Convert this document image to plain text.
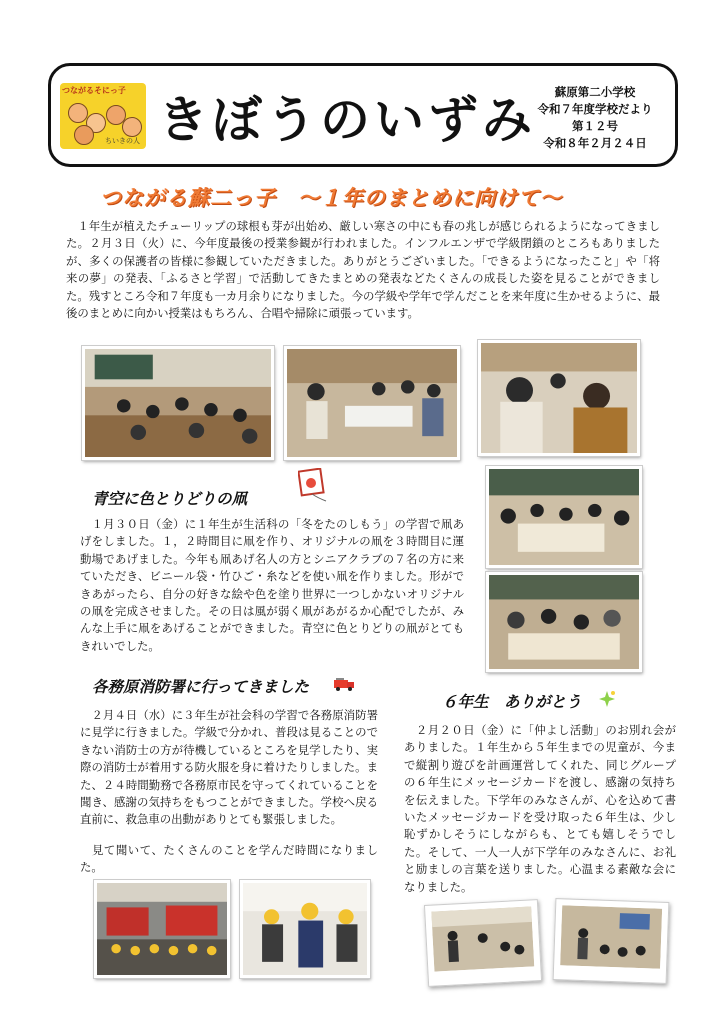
つながるそにっ子
ちいきの人 きぼうのいずみ	蘇原第二小学校
令和７年度学校だより
第１２号
令和８年２月２４日
つながる蘇二っ子　～１年のまとめに向けて～
　１年生が植えたチューリップの球根も芽が出始め、厳しい寒さの中にも春の兆しが感じられるようになってきました。２月３日（火）に、今年度最後の授業参観が行われました。インフルエンザで学級閉鎖のところもありましたが、多くの保護者の皆様に参観していただきました。ありがとうございました。「できるようになったこと」や「将来の夢」の発表、「ふるさと学習」で活動してきたまとめの発表などたくさんの成長した姿を見ることができました。残すところ令和７年度も一カ月余りになりました。今の学級や学年で学んだことを来年度に生かせるように、最後のまとめに向かい授業はもちろん、合唱や掃除に頑張っています。
青空に色とりどりの凧
　１月３０日（金）に１年生が生活科の「冬をたのしもう」の学習で凧あげをしました。１，２時間目に凧を作り、オリジナルの凧を３時間目に運動場であげました。今年も凧あげ名人の方とシニアクラブの７名の方に来ていただき、ビニール袋・竹ひご・糸などを使い凧を作りました。形ができあがったら、自分の好きな絵や色を塗り世界に一つしかないオリジナルの凧を完成させました。その日は風が弱く凧があがるか心配でしたが、みんな上手に凧をあげることができました。青空に色とりどりの凧がとてもきれいでした。
各務原消防署に行ってきました
　２月４日（水）に３年生が社会科の学習で各務原消防署に見学に行きました。学級で分かれ、普段は見ることのできない消防士の方が待機しているところを見学したり、実際の消防士が着用する防火服を身に着けたりしました。また、２４時間勤務で各務原市民を守ってくれていることを聞き、感謝の気持ちをもつことができました。学校へ戻る直前に、救急車の出動がありとても緊張しました。
　見て聞いて、たくさんのことを学んだ時間になりました。
６年生　ありがとう
　２月２０日（金）に「仲よし活動」のお別れ会がありました。１年生から５年生までの児童が、今まで縦割り遊びを計画運営してくれた、同じグループの６年生にメッセージカードを渡し、感謝の気持ちを伝えました。下学年のみなさんが、心を込めて書いたメッセージカードを受け取った６年生は、少し恥ずかしそうにしながらも、とても嬉しそうでした。そして、一人一人が下学年のみなさんに、お礼と励ましの言葉を送りました。心温まる素敵な会になりました。
